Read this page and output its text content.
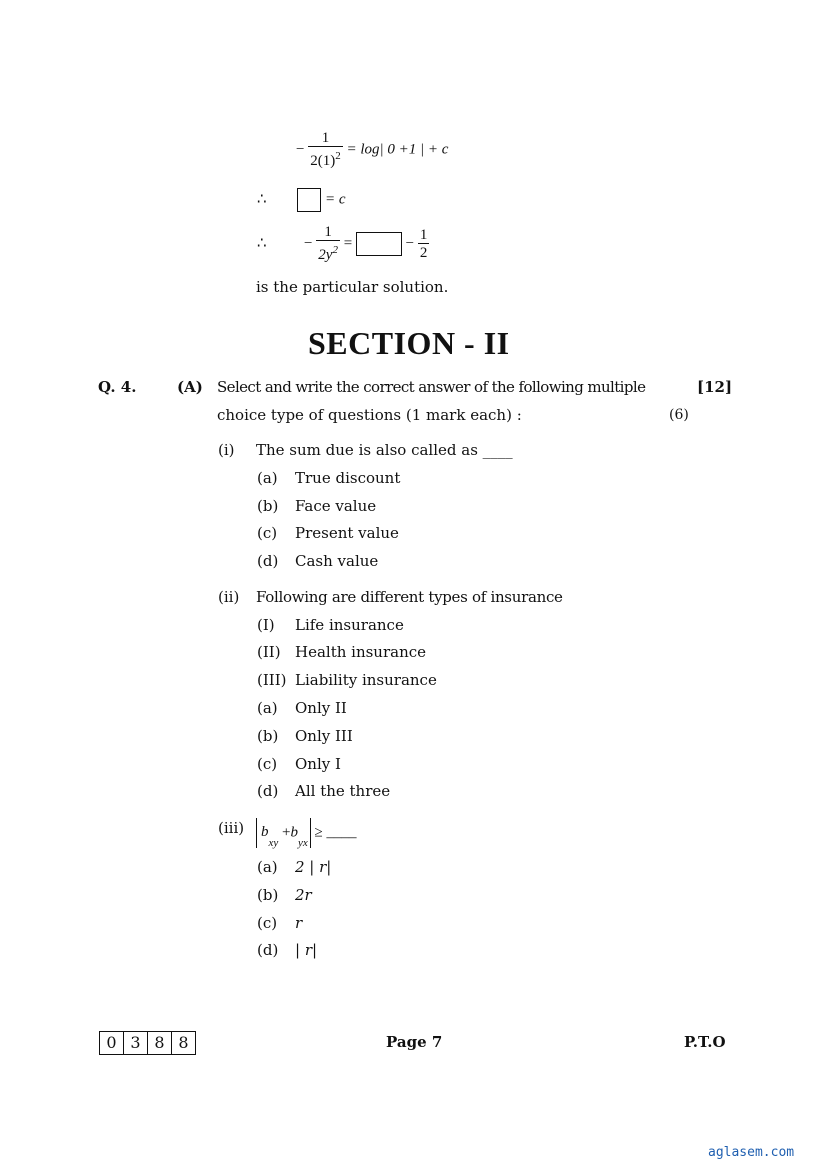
− $\frac{1}{2(1)^2} = \log|$ 0 +1 | + c
∴	= c
∴	− $\frac{1}{2y^2}$ =	− $\frac{1}{2}$
is the particular solution.
SECTION - II
Q. 4.	(A) Select and write the correct answer of the following multiple
choice type of questions (1 mark each) :
[12]
(6)
(i) The sum due is also called as ____
(a) True discount
(b) Face value
(c) Present value
(d) Cash value
(ii) Following are different types of insurance
(I) Life insurance
(II) Health insurance
(III) Liability insurance
(a) Only II
(b) Only III
(c) Only I
(d) All the three
(iii)	$b_{xy} +b_{yx}$ ≥ ____
(a) 2 | r|
(b) 2r
(c) r
(d) | r|
0 3 8 8	Page 7	P.T.O
aglasem.com
